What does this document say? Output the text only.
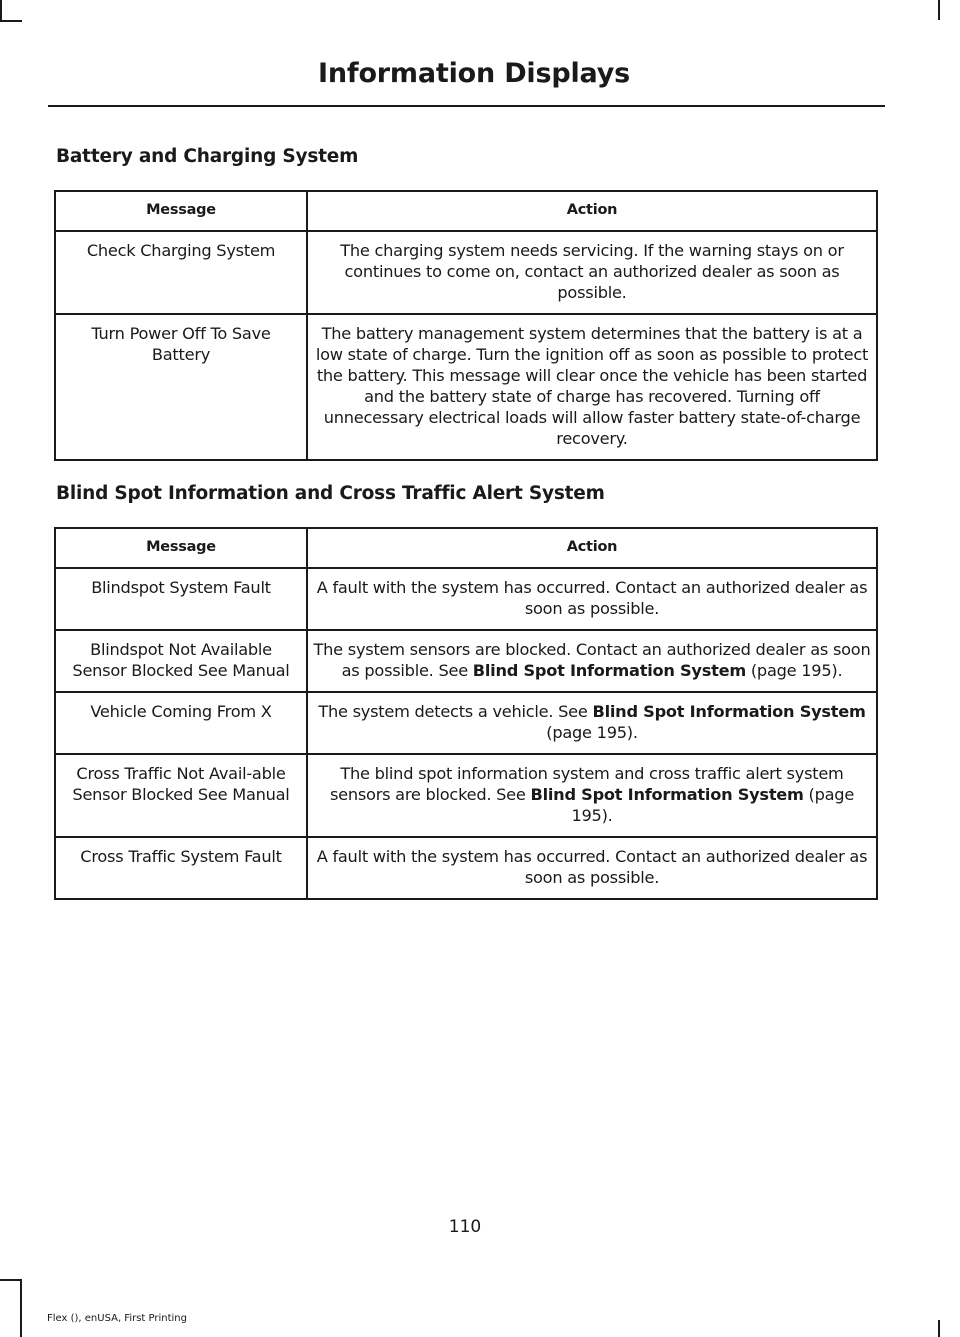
Information Displays
Battery and Charging System
Message	Action
Check Charging System	The charging system needs servicing. If the warning stays on or continues to come on, contact an authorized dealer as soon as possible.
Turn Power Off To Save Battery	The battery management system determines that the battery is at a low state of charge. Turn the ignition off as soon as possible to protect the battery. This message will clear once the vehicle has been started and the battery state of charge has recovered. Turning off unnecessary electrical loads will allow faster battery state-of-charge recovery.
Blind Spot Information and Cross Traffic Alert System
Message	Action
Blindspot System Fault	A fault with the system has occurred. Contact an authorized dealer as soon as possible.
Blindspot Not Available Sensor Blocked See Manual	The system sensors are blocked. Contact an authorized dealer as soon as possible. See Blind Spot Information System (page 195).
Vehicle Coming From X	The system detects a vehicle. See Blind Spot Information System (page 195).
Cross Traffic Not Avail-able Sensor Blocked See Manual	The blind spot information system and cross traffic alert system sensors are blocked. See Blind Spot Information System (page 195).
Cross Traffic System Fault	A fault with the system has occurred. Contact an authorized dealer as soon as possible.
110
Flex (), enUSA, First Printing
